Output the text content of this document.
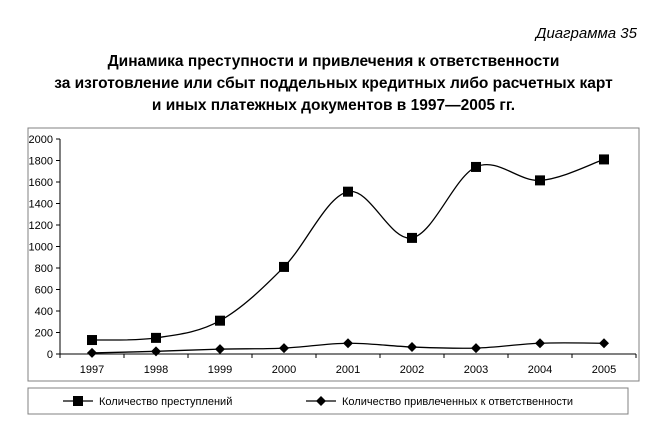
Диаграмма 35
Динамика преступности и привлечения к ответственности
за изготовление или сбыт поддельных кредитных либо расчетных карт
и иных платежных документов в 1997—2005 гг.
0
200
400
600
800
1000
1200
1400
1600
1800
2000
1997	1998	1999	2000	2001	2002	2003	2004	2005
Количество преступлений	Количество привлеченных к ответственности
